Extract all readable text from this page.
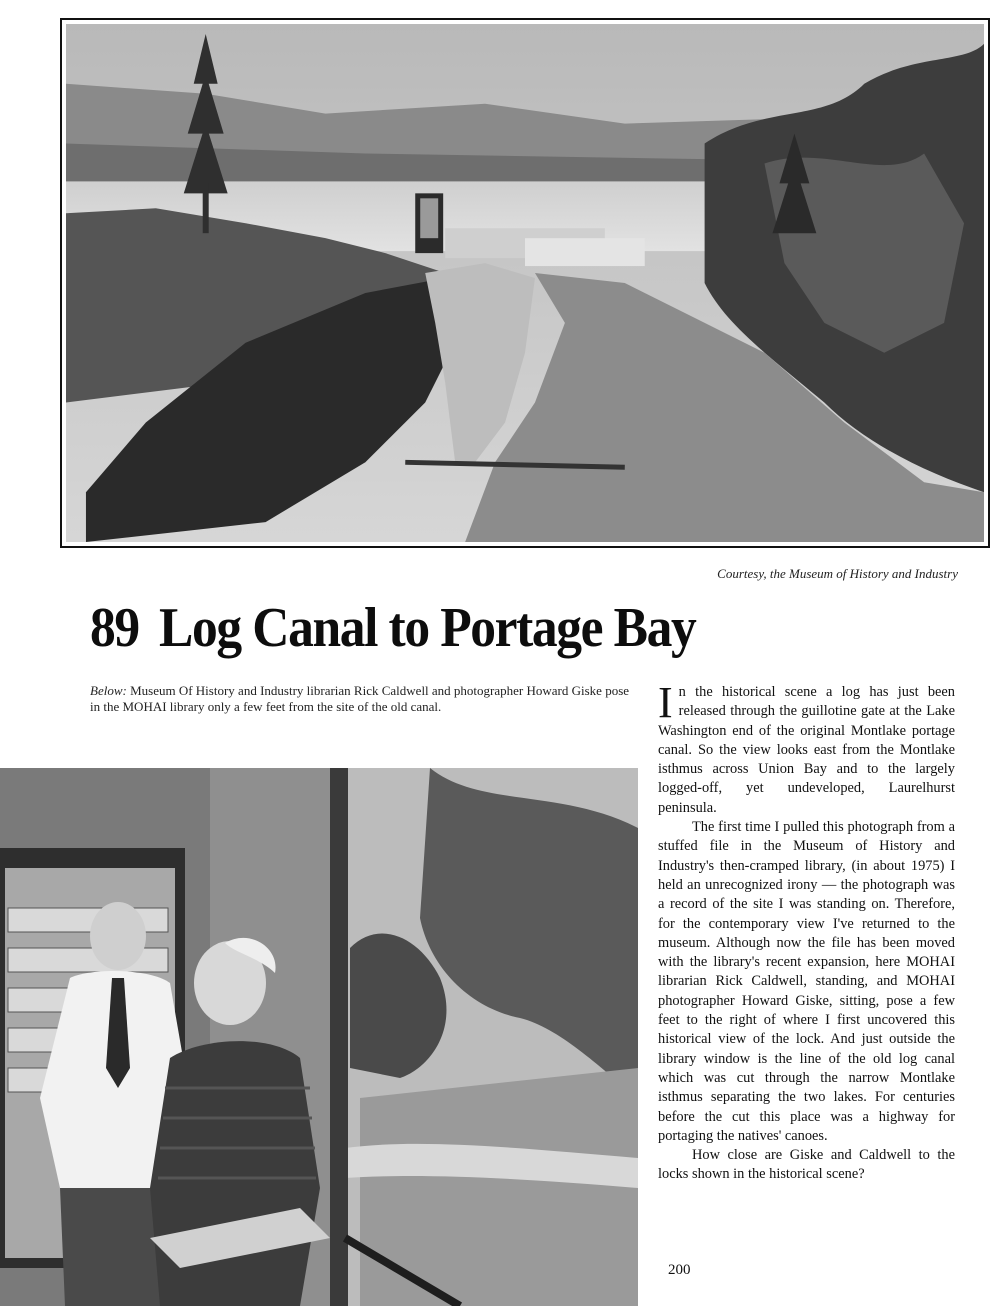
Courtesy, the Museum of History and Industry
89 Log Canal to Portage Bay
Below: Museum Of History and Industry librarian Rick Caldwell and photographer Howard Giske pose in the MOHAI library only a few feet from the site of the old canal.	In the historical scene a log has just been released through the guillotine gate at the Lake Washington end of the original Montlake portage canal. So the view looks east from the Montlake isthmus across Union Bay and to the largely logged-off, yet undeveloped, Laurelhurst peninsula.

The first time I pulled this photograph from a stuffed file in the Museum of History and Industry's then-cramped library, (in about 1975) I held an unrecognized irony — the photograph was a record of the site I was standing on. Therefore, for the contemporary view I've returned to the museum. Although now the file has been moved with the library's recent expansion, here MOHAI librarian Rick Caldwell, standing, and MOHAI photographer Howard Giske, sitting, pose a few feet to the right of where I first uncovered this historical view of the lock. And just outside the library window is the line of the old log canal which was cut through the narrow Montlake isthmus separating the two lakes. For centuries before the cut this place was a highway for portaging the natives' canoes.

How close are Giske and Caldwell to the locks shown in the historical scene?

200
